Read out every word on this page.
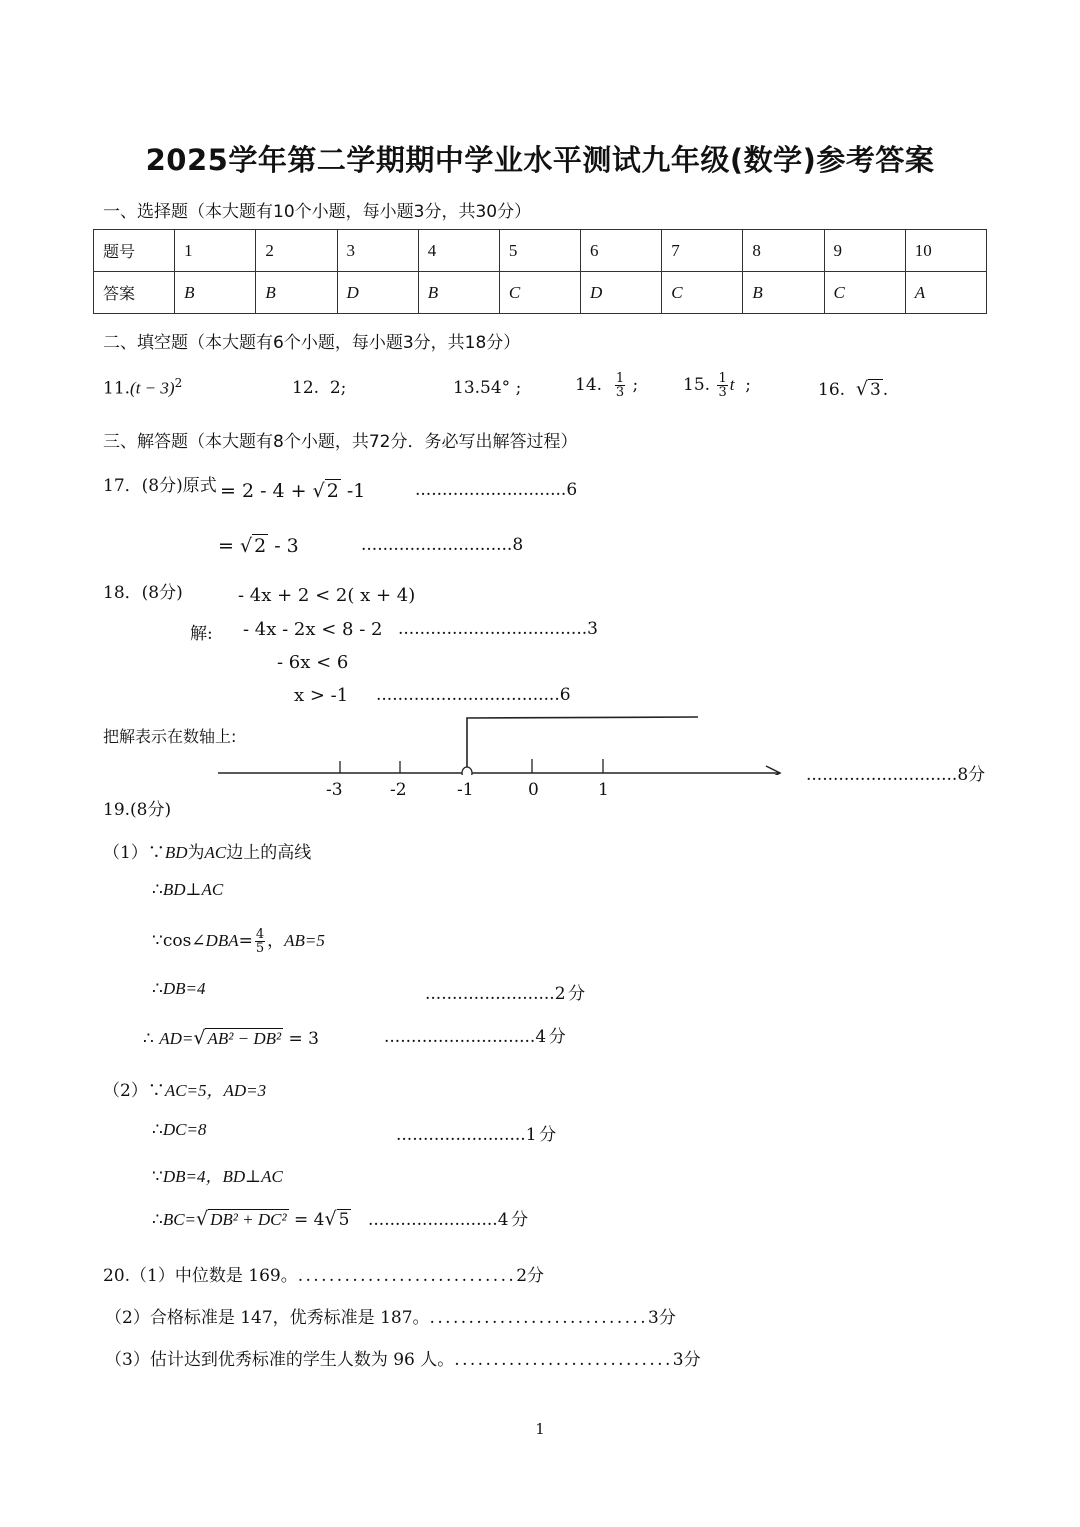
2025学年第二学期期中学业水平测试九年级(数学)参考答案
一、选择题（本大题有10个小题，每小题3分，共30分）
题号	1	2	3	4	5	6	7	8	9	10
答案	B	B	D	B	C	D	C	B	C	A
二、填空题（本大题有6个小题，每小题3分，共18分）
$11.(t - 3)^2$	12. 2;	13.54° ;	14. $\frac{1}{3}$ ;	15. $\frac{1}{3}$ t ;	16. √ 3 .
三、解答题（本大题有8个小题，共72分．务必写出解答过程）
17．(8分)原式 = 2 - 4 + √ 2 -1	............................6
= √ 2 - 3	............................8
18．(8分)	- 4x + 2 < 2( x + 4)
解: - 4x - 2x < 8 - 2 ...................................3
- 6x < 6
x > -1 ..................................6
把解表示在数轴上:
-3	-2	-1	0	1
............................8分
19.(8分)
（1）∵BD为AC边上的高线
∴BD⊥AC
∵cos∠DBA= $\frac{4}{5}$ ，AB=5
∴DB=4	........................2分
∴ AD=√ AB² − DB² = 3	............................4分
（2）∵AC=5，AD=3
∴DC=8	........................1分
∵DB=4，BD⊥AC
∴BC=√ DB² + DC² = 4√ 5 ........................4分
20.（1）中位数是 169。............................2分
（2）合格标准是 147，优秀标准是 187。............................3分
（3）估计达到优秀标准的学生人数为 96 人。............................3分
1
